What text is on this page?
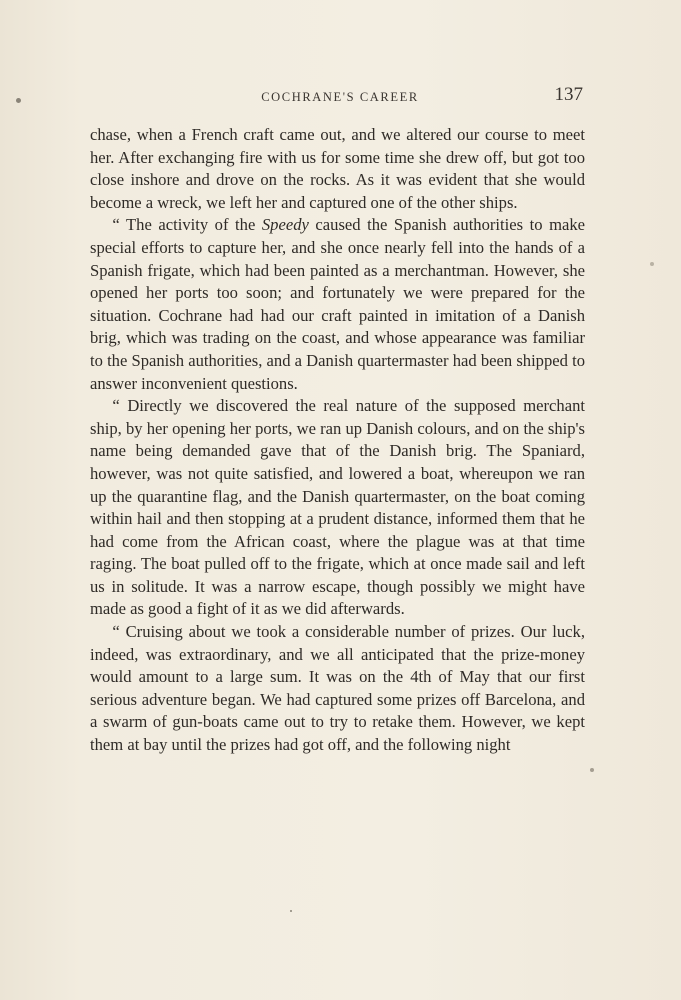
COCHRANE'S CAREER	137

chase, when a French craft came out, and we altered our course to meet her. After exchanging fire with us for some time she drew off, but got too close inshore and drove on the rocks. As it was evident that she would become a wreck, we left her and captured one of the other ships.

“ The activity of the Speedy caused the Spanish authorities to make special efforts to capture her, and she once nearly fell into the hands of a Spanish frigate, which had been painted as a merchantman. However, she opened her ports too soon; and fortunately we were prepared for the situation. Cochrane had had our craft painted in imitation of a Danish brig, which was trading on the coast, and whose appearance was familiar to the Spanish authorities, and a Danish quartermaster had been shipped to answer inconvenient questions.

“ Directly we discovered the real nature of the supposed merchant ship, by her opening her ports, we ran up Danish colours, and on the ship's name being demanded gave that of the Danish brig. The Spaniard, however, was not quite satisfied, and lowered a boat, whereupon we ran up the quarantine flag, and the Danish quartermaster, on the boat coming within hail and then stopping at a prudent distance, informed them that he had come from the African coast, where the plague was at that time raging. The boat pulled off to the frigate, which at once made sail and left us in solitude. It was a narrow escape, though possibly we might have made as good a fight of it as we did afterwards.

“ Cruising about we took a considerable number of prizes. Our luck, indeed, was extraordinary, and we all anticipated that the prize-money would amount to a large sum. It was on the 4th of May that our first serious adventure began. We had captured some prizes off Barcelona, and a swarm of gun-boats came out to try to retake them. However, we kept them at bay until the prizes had got off, and the following night
